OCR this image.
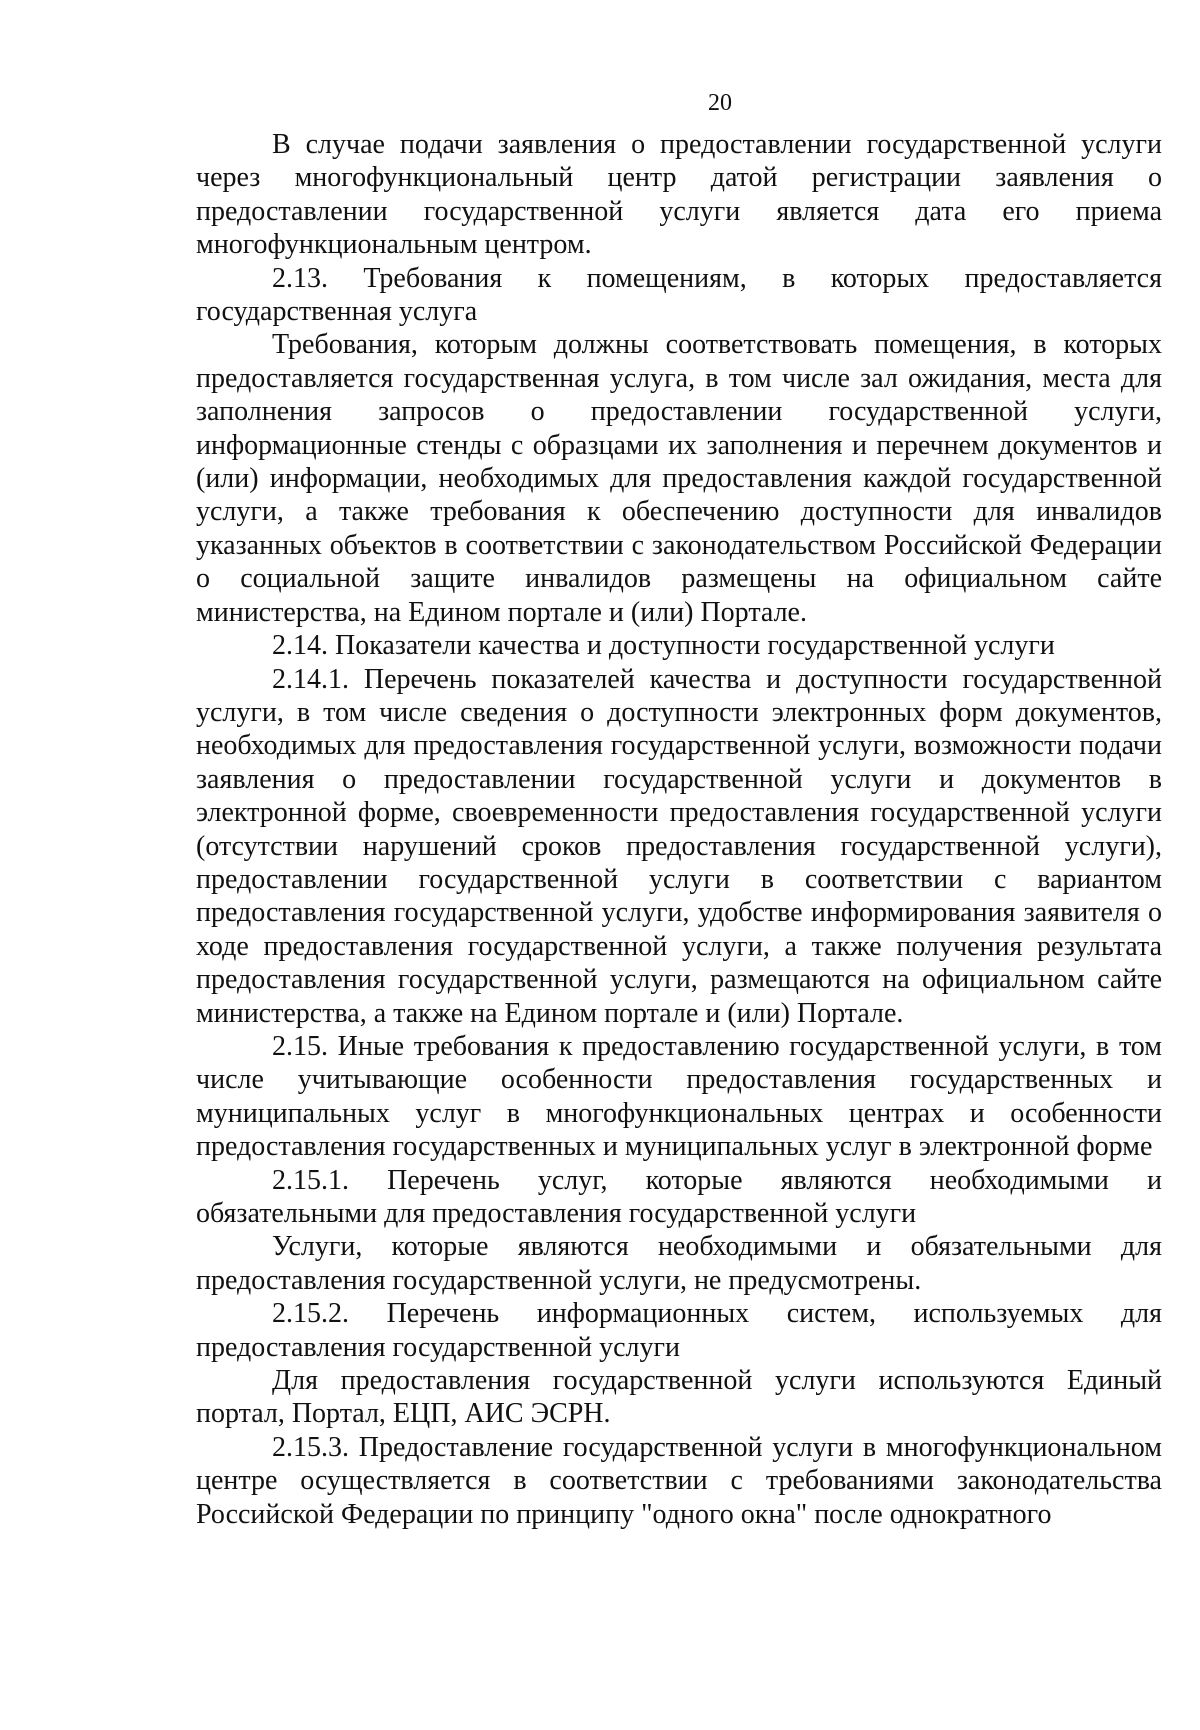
20

В случае подачи заявления о предоставлении государственной услуги через многофункциональный центр датой регистрации заявления о предоставлении государственной услуги является дата его приема многофункциональным центром.

2.13. Требования к помещениям, в которых предоставляется государственная услуга

Требования, которым должны соответствовать помещения, в которых предоставляется государственная услуга, в том числе зал ожидания, места для заполнения запросов о предоставлении государственной услуги, информационные стенды с образцами их заполнения и перечнем документов и (или) информации, необходимых для предоставления каждой государственной услуги, а также требования к обеспечению доступности для инвалидов указанных объектов в соответствии с законодательством Российской Федерации о социальной защите инвалидов размещены на официальном сайте министерства, на Едином портале и (или) Портале.

2.14. Показатели качества и доступности государственной услуги

2.14.1. Перечень показателей качества и доступности государственной услуги, в том числе сведения о доступности электронных форм документов, необходимых для предоставления государственной услуги, возможности подачи заявления о предоставлении государственной услуги и документов в электронной форме, своевременности предоставления государственной услуги (отсутствии нарушений сроков предоставления государственной услуги), предоставлении государственной услуги в соответствии с вариантом предоставления государственной услуги, удобстве информирования заявителя о ходе предоставления государственной услуги, а также получения результата предоставления государственной услуги, размещаются на официальном сайте министерства, а также на Едином портале и (или) Портале.

2.15. Иные требования к предоставлению государственной услуги, в том числе учитывающие особенности предоставления государственных и муниципальных услуг в многофункциональных центрах и особенности предоставления государственных и муниципальных услуг в электронной форме

2.15.1. Перечень услуг, которые являются необходимыми и обязательными для предоставления государственной услуги

Услуги, которые являются необходимыми и обязательными для предоставления государственной услуги, не предусмотрены.

2.15.2. Перечень информационных систем, используемых для предоставления государственной услуги

Для предоставления государственной услуги используются Единый портал, Портал, ЕЦП, АИС ЭСРН.

2.15.3. Предоставление государственной услуги в многофункциональном центре осуществляется в соответствии с требованиями законодательства Российской Федерации по принципу "одного окна" после однократного
